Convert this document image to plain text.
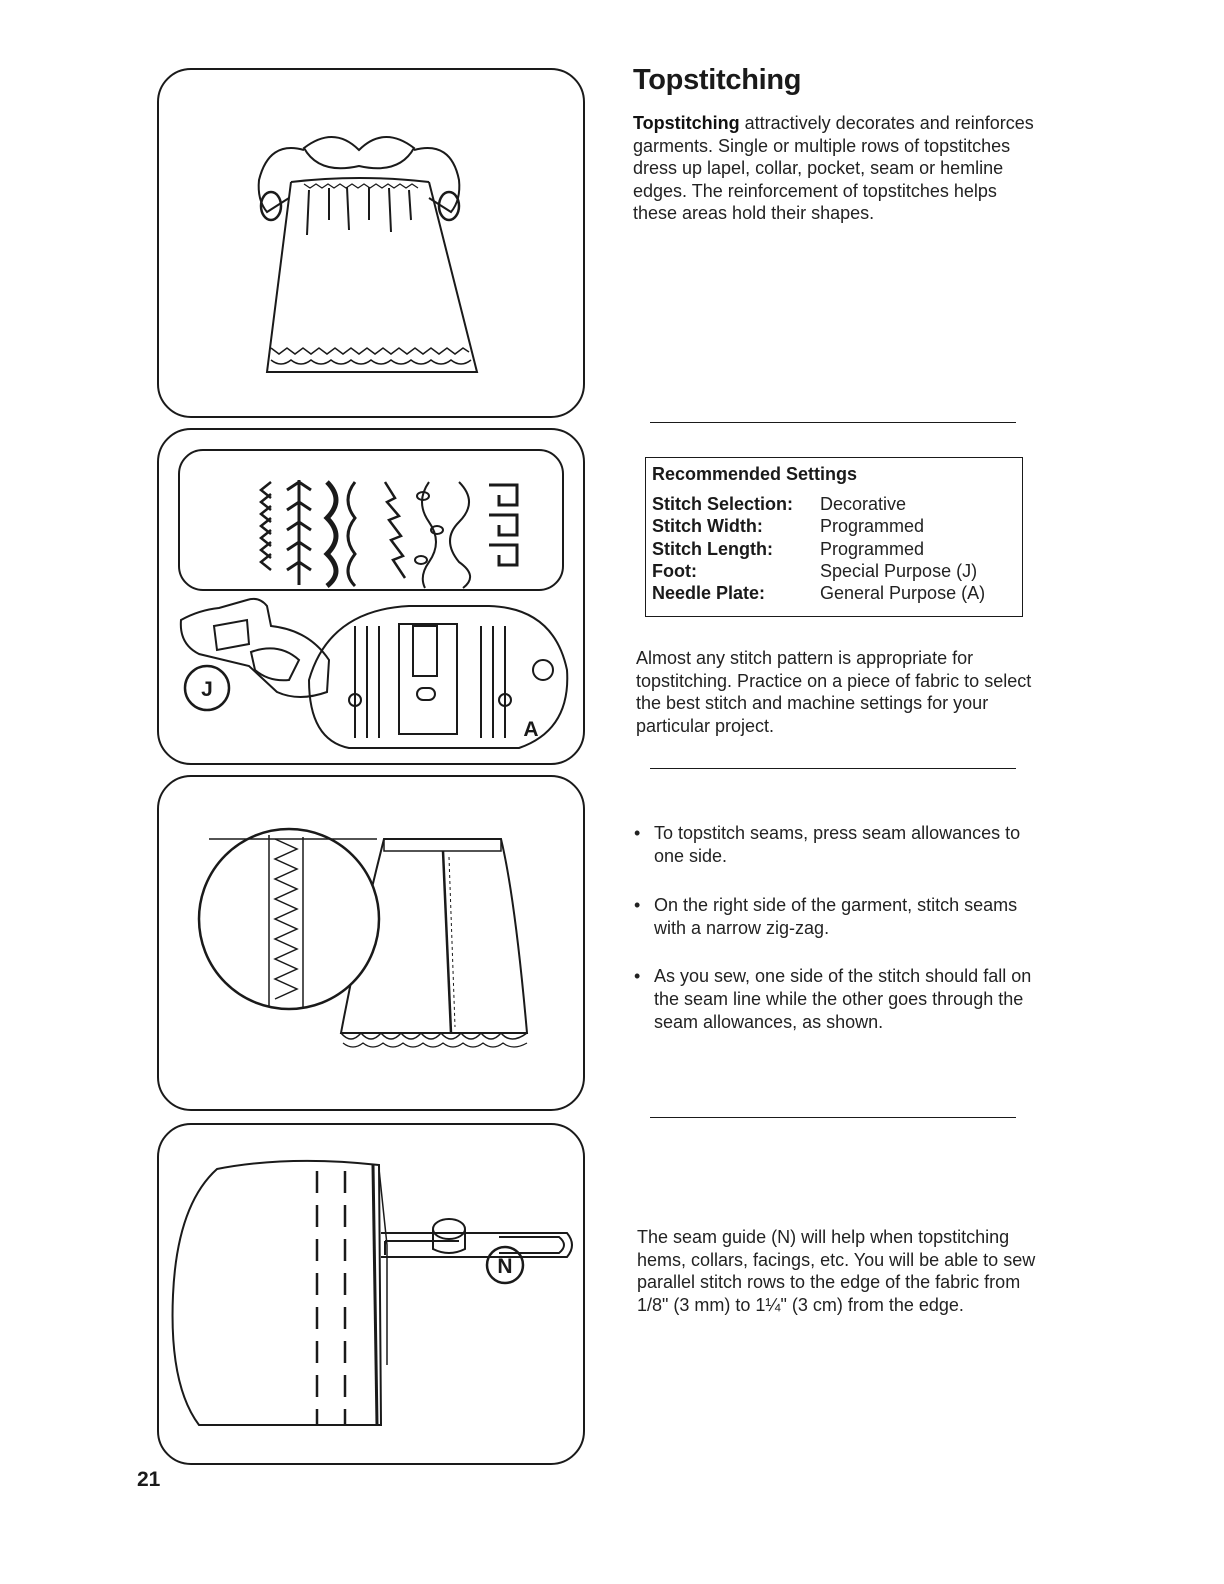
J
A
N
21
Topstitching

Topstitching attractively decorates and reinforces garments. Single or multiple rows of topstitches dress up lapel, collar, pocket, seam or hemline edges. The reinforcement of topstitches helps these areas hold their shapes.

Recommended Settings
Stitch Selection:	Decorative
Stitch Width:	Programmed
Stitch Length:	Programmed
Foot:	Special Purpose (J)
Needle Plate:	General Purpose (A)

Almost any stitch pattern is appropriate for topstitching. Practice on a piece of fabric to select the best stitch and machine settings for your particular project.

• To topstitch seams, press seam allowances to one side.
• On the right side of the garment, stitch seams with a narrow zig-zag.
• As you sew, one side of the stitch should fall on the seam line while the other goes through the seam allowances, as shown.

The seam guide (N) will help when topstitching hems, collars, facings, etc. You will be able to sew parallel stitch rows to the edge of the fabric from 1/8" (3 mm) to 1¼" (3 cm) from the edge.
